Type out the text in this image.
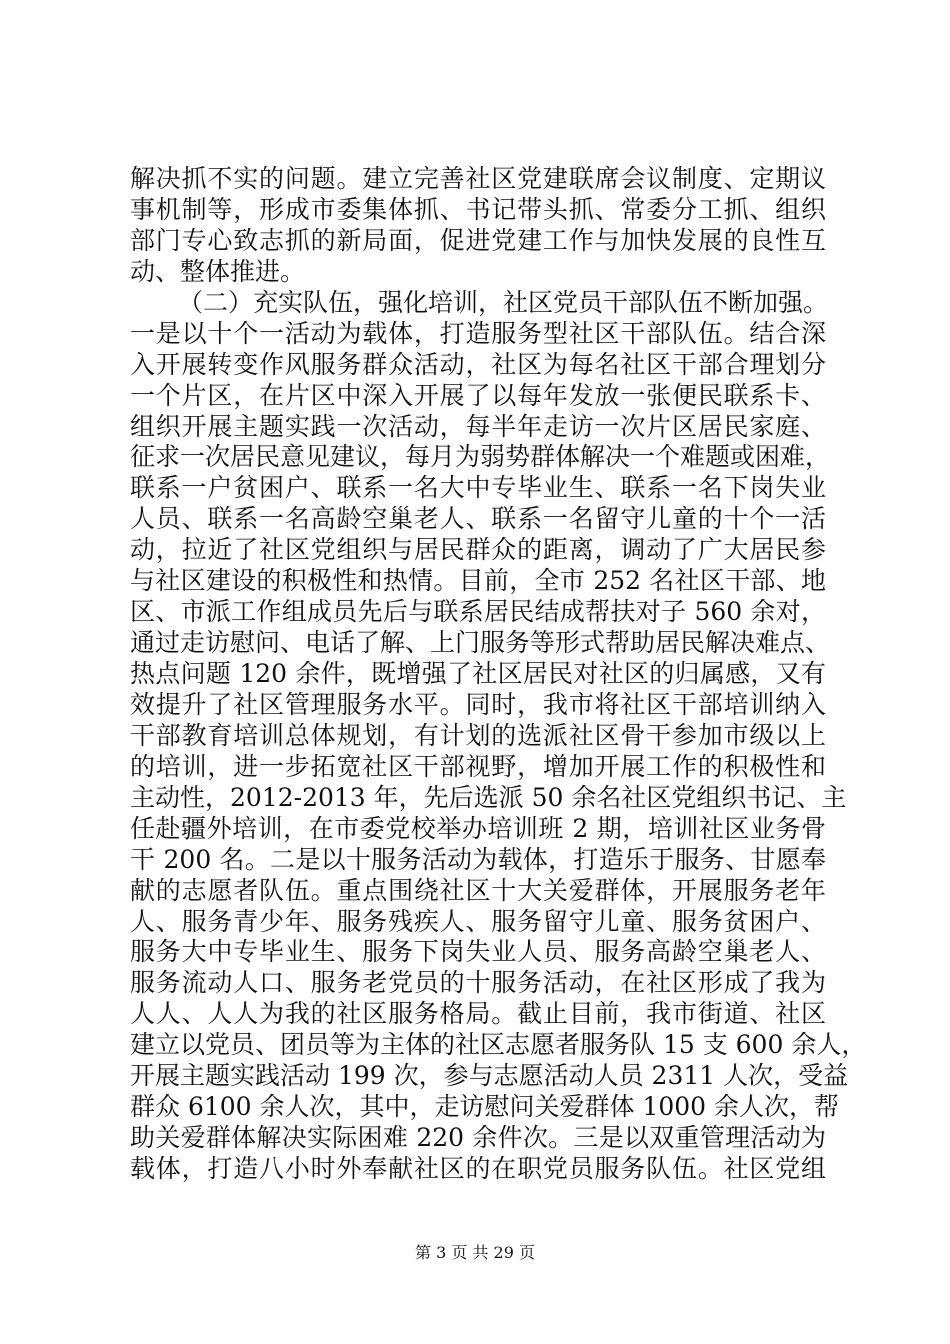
解决抓不实的问题。建立完善社区党建联席会议制度、定期议
事机制等，形成市委集体抓、书记带头抓、常委分工抓、组织
部门专心致志抓的新局面，促进党建工作与加快发展的良性互
动、整体推进。
（二）充实队伍，强化培训，社区党员干部队伍不断加强。
一是以十个一活动为载体，打造服务型社区干部队伍。结合深
入开展转变作风服务群众活动，社区为每名社区干部合理划分
一个片区，在片区中深入开展了以每年发放一张便民联系卡、
组织开展主题实践一次活动，每半年走访一次片区居民家庭、
征求一次居民意见建议，每月为弱势群体解决一个难题或困难，
联系一户贫困户、联系一名大中专毕业生、联系一名下岗失业
人员、联系一名高龄空巢老人、联系一名留守儿童的十个一活
动，拉近了社区党组织与居民群众的距离，调动了广大居民参
与社区建设的积极性和热情。目前，全市 252 名社区干部、地
区、市派工作组成员先后与联系居民结成帮扶对子 560 余对，
通过走访慰问、电话了解、上门服务等形式帮助居民解决难点、
热点问题 120 余件，既增强了社区居民对社区的归属感，又有
效提升了社区管理服务水平。同时，我市将社区干部培训纳入
干部教育培训总体规划，有计划的选派社区骨干参加市级以上
的培训，进一步拓宽社区干部视野，增加开展工作的积极性和
主动性，2012-2013 年，先后选派 50 余名社区党组织书记、主
任赴疆外培训，在市委党校举办培训班 2 期，培训社区业务骨
干 200 名。二是以十服务活动为载体，打造乐于服务、甘愿奉
献的志愿者队伍。重点围绕社区十大关爱群体，开展服务老年
人、服务青少年、服务残疾人、服务留守儿童、服务贫困户、
服务大中专毕业生、服务下岗失业人员、服务高龄空巢老人、
服务流动人口、服务老党员的十服务活动，在社区形成了我为
人人、人人为我的社区服务格局。截止目前，我市街道、社区
建立以党员、团员等为主体的社区志愿者服务队 15 支 600 余人，
开展主题实践活动 199 次，参与志愿活动人员 2311 人次，受益
群众 6100 余人次，其中，走访慰问关爱群体 1000 余人次，帮
助关爱群体解决实际困难 220 余件次。三是以双重管理活动为
载体，打造八小时外奉献社区的在职党员服务队伍。社区党组
第 3 页 共 29 页
